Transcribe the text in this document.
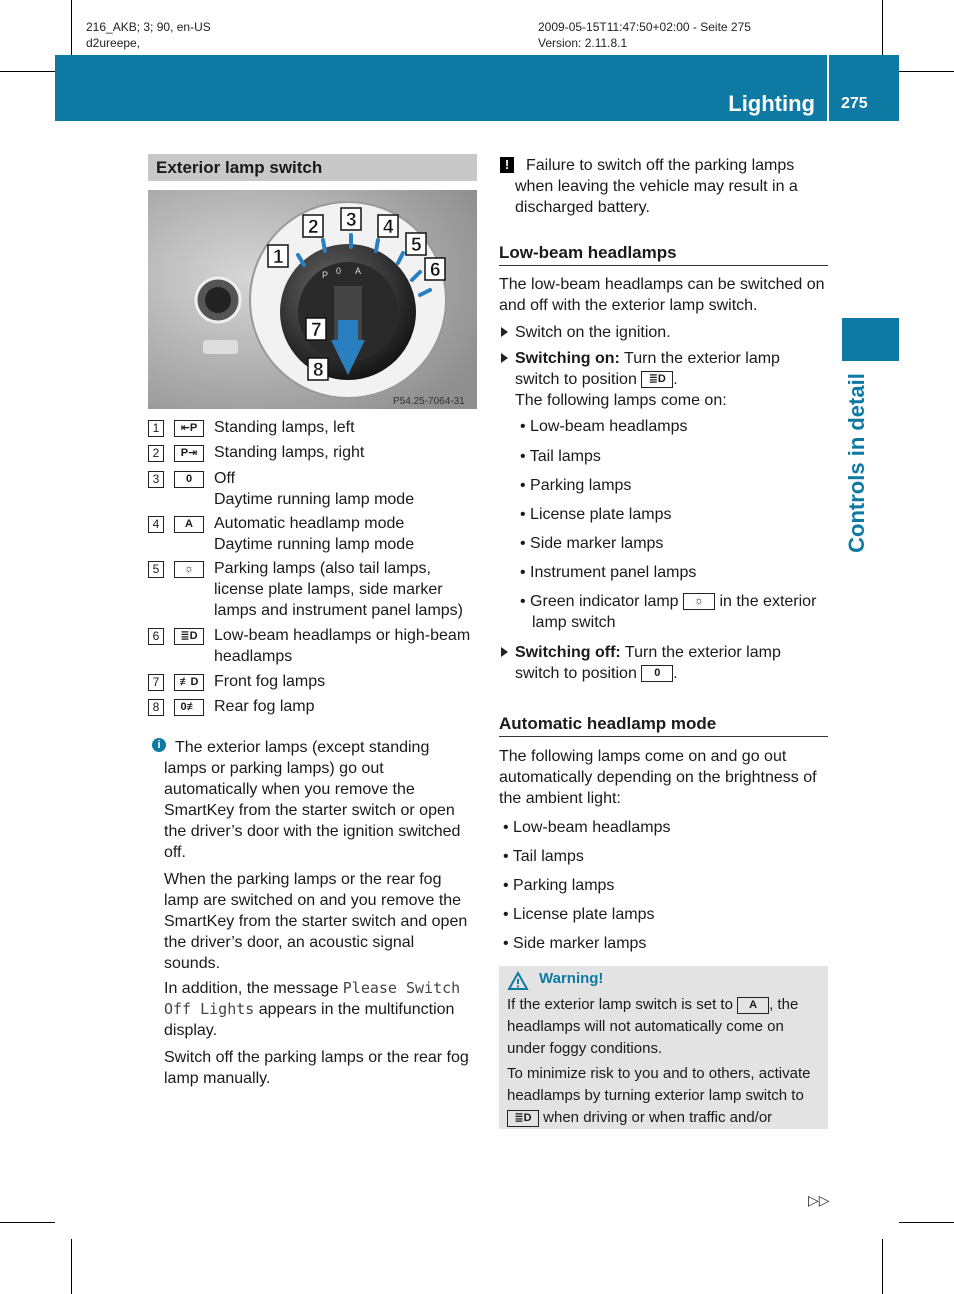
216_AKB; 3; 90, en-US
d2ureepe,
2009-05-15T11:47:50+02:00 - Seite 275
Version: 2.11.8.1
Lighting 275
Controls in detail
Exterior lamp switch
P 0 A
1
2 3 4
5
6
7
8
P54.25-7064-31
1	⇤P	Standing lamps, left
2	P⇥	Standing lamps, right
3	0	Off
Daytime running lamp mode
4	A	Automatic headlamp mode
Daytime running lamp mode
5	☼	Parking lamps (also tail lamps,
license plate lamps, side marker
lamps and instrument panel lamps)
6	≣D	Low-beam headlamps or high-beam
headlamps
7	≢D Front fog lamps
8	0≢	Rear fog lamp
i The exterior lamps (except standing
lamps or parking lamps) go out
automatically when you remove the
SmartKey from the starter switch or open
the driver’s door with the ignition switched
off.
When the parking lamps or the rear fog
lamp are switched on and you remove the
SmartKey from the starter switch and open
the driver’s door, an acoustic signal
sounds.
In addition, the message Please Switch
Off Lights appears in the multifunction
display.
Switch off the parking lamps or the rear fog
lamp manually.
!	Failure to switch off the parking lamps
when leaving the vehicle may result in a
discharged battery.
Low-beam headlamps
The low-beam headlamps can be switched on
and off with the exterior lamp switch.
Switch on the ignition.
Switching on: Turn the exterior lamp
switch to position ≣D .
The following lamps come on:
• Low-beam headlamps
• Tail lamps
• Parking lamps
• License plate lamps
• Side marker lamps
• Instrument panel lamps
• Green indicator lamp ☼ in the exterior
lamp switch
Switching off: Turn the exterior lamp
switch to position 0 .
Automatic headlamp mode
The following lamps come on and go out
automatically depending on the brightness of
the ambient light:
• Low-beam headlamps
• Tail lamps
• Parking lamps
• License plate lamps
• Side marker lamps
Warning!
If the exterior lamp switch is set to A , the
headlamps will not automatically come on
under foggy conditions.
To minimize risk to you and to others, activate
headlamps by turning exterior lamp switch to
≣D when driving or when traffic and/or
▷▷
